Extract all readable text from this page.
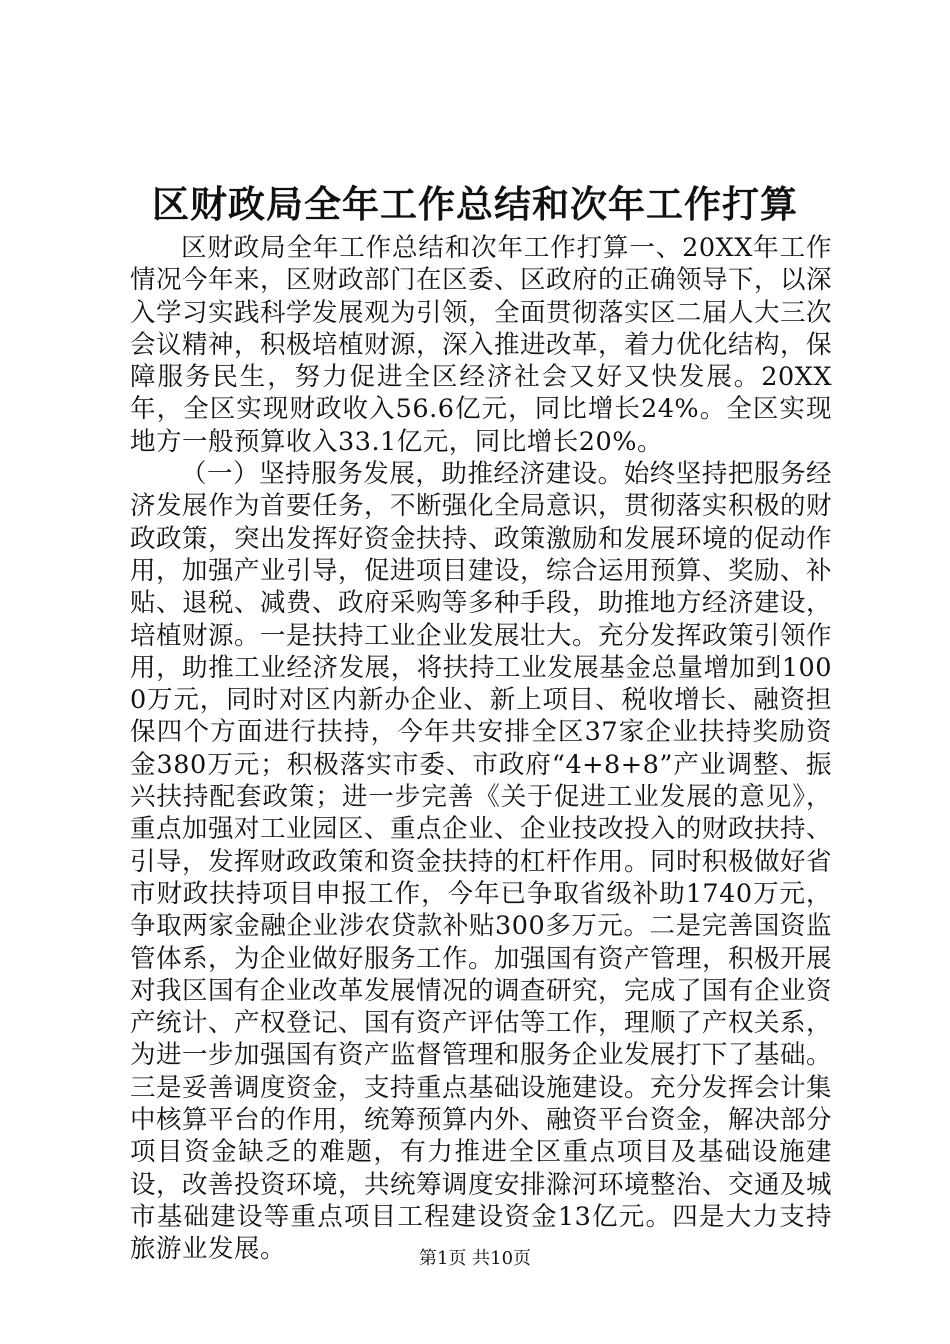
区财政局全年工作总结和次年工作打算

区财政局全年工作总结和次年工作打算一、20XX年工作情况今年来，区财政部门在区委、区政府的正确领导下，以深入学习实践科学发展观为引领，全面贯彻落实区二届人大三次会议精神，积极培植财源，深入推进改革，着力优化结构，保障服务民生，努力促进全区经济社会又好又快发展。20XX年，全区实现财政收入56.6亿元，同比增长24%。全区实现地方一般预算收入33.1亿元，同比增长20%。

（一）坚持服务发展，助推经济建设。始终坚持把服务经济发展作为首要任务，不断强化全局意识，贯彻落实积极的财政政策，突出发挥好资金扶持、政策激励和发展环境的促动作用，加强产业引导，促进项目建设，综合运用预算、奖励、补贴、退税、减费、政府采购等多种手段，助推地方经济建设，培植财源。一是扶持工业企业发展壮大。充分发挥政策引领作用，助推工业经济发展，将扶持工业发展基金总量增加到1000万元，同时对区内新办企业、新上项目、税收增长、融资担保四个方面进行扶持，今年共安排全区37家企业扶持奖励资金380万元；积极落实市委、市政府“4+8+8”产业调整、振兴扶持配套政策；进一步完善《关于促进工业发展的意见》，重点加强对工业园区、重点企业、企业技改投入的财政扶持、引导，发挥财政政策和资金扶持的杠杆作用。同时积极做好省市财政扶持项目申报工作，今年已争取省级补助1740万元，争取两家金融企业涉农贷款补贴300多万元。二是完善国资监管体系，为企业做好服务工作。加强国有资产管理，积极开展对我区国有企业改革发展情况的调查研究，完成了国有企业资产统计、产权登记、国有资产评估等工作，理顺了产权关系，为进一步加强国有资产监督管理和服务企业发展打下了基础。三是妥善调度资金，支持重点基础设施建设。充分发挥会计集中核算平台的作用，统筹预算内外、融资平台资金，解决部分项目资金缺乏的难题，有力推进全区重点项目及基础设施建设，改善投资环境，共统筹调度安排滁河环境整治、交通及城市基础建设等重点项目工程建设资金13亿元。四是大力支持旅游业发展。	第1页 共10页
